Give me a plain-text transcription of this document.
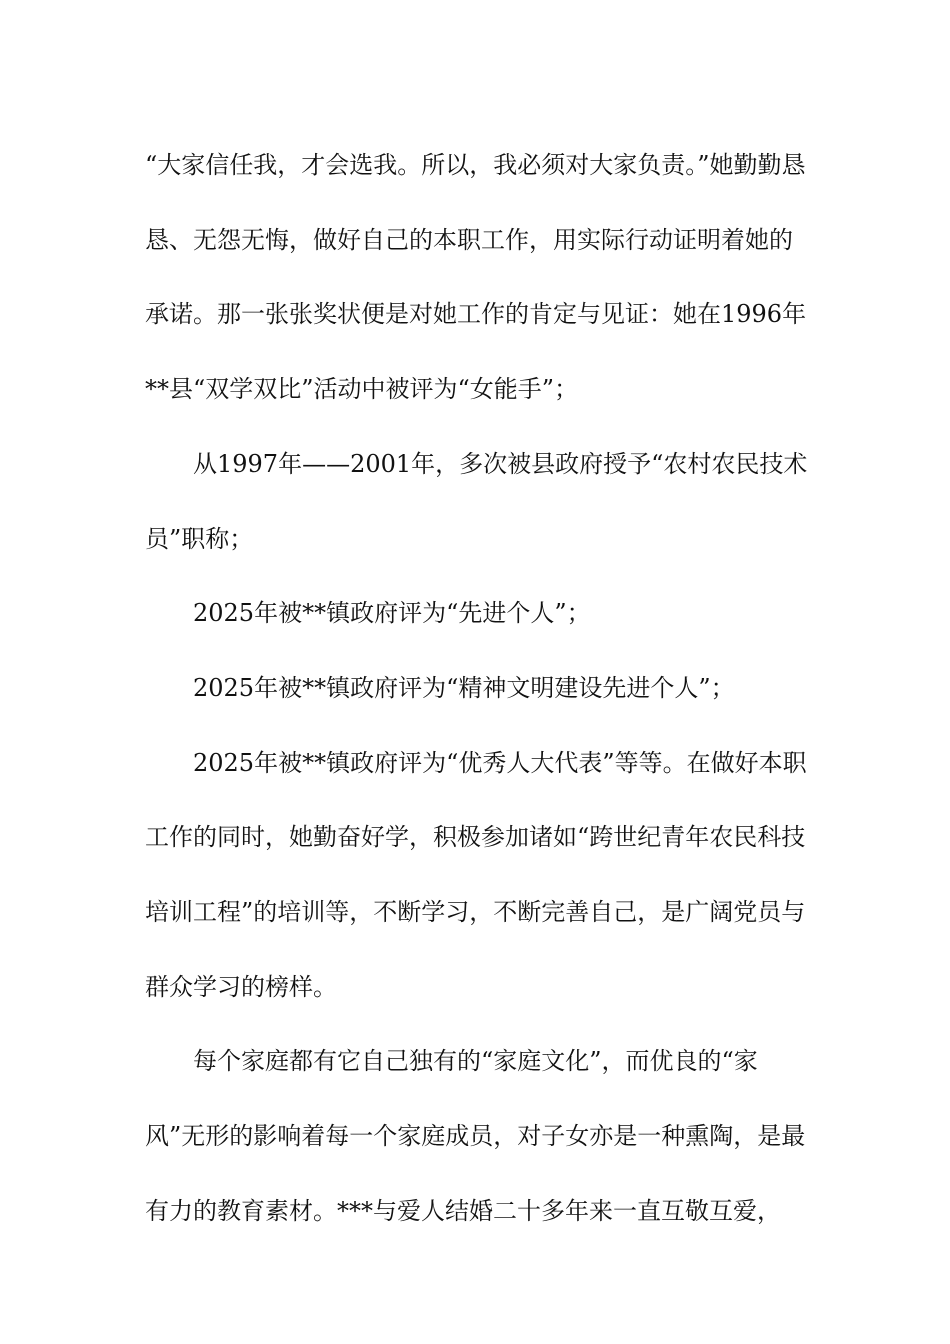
“大家信任我，才会选我。所以，我必须对大家负责。”她勤勤恳恳、无怨无悔，做好自己的本职工作，用实际行动证明着她的承诺。那一张张奖状便是对她工作的肯定与见证：她在1996年**县“双学双比”活动中被评为“女能手”；

从1997年——2001年，多次被县政府授予“农村农民技术员”职称；

2025年被**镇政府评为“先进个人”；

2025年被**镇政府评为“精神文明建设先进个人”；

2025年被**镇政府评为“优秀人大代表”等等。在做好本职工作的同时，她勤奋好学，积极参加诸如“跨世纪青年农民科技培训工程”的培训等，不断学习，不断完善自己，是广阔党员与群众学习的榜样。

每个家庭都有它自己独有的“家庭文化”，而优良的“家风”无形的影响着每一个家庭成员，对子女亦是一种熏陶，是最有力的教育素材。***与爱人结婚二十多年来一直互敬互爱，
